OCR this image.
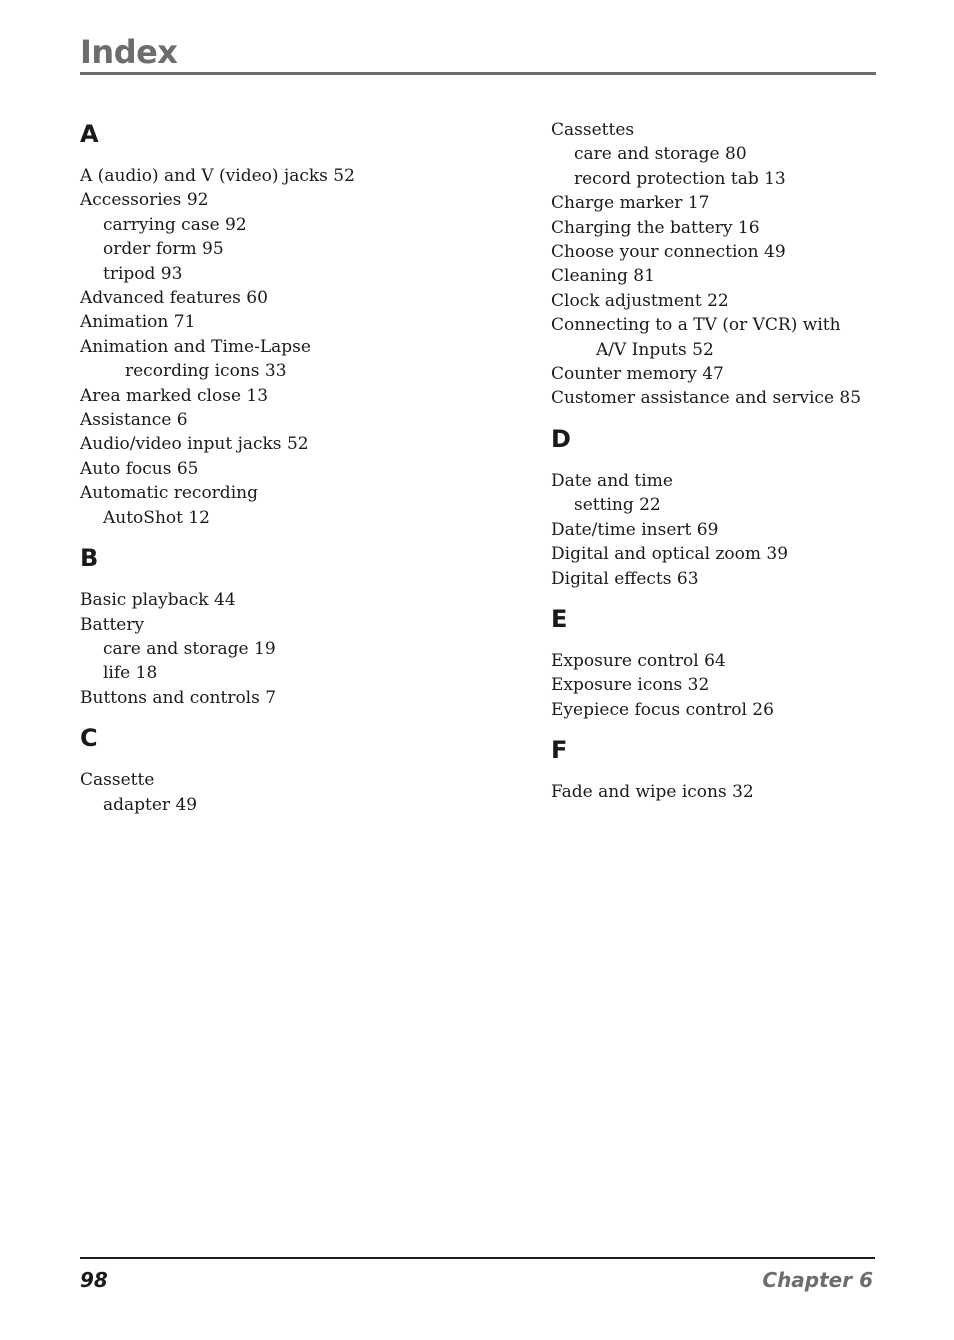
Index
A
A (audio) and V (video) jacks 52
Accessories 92
carrying case 92
order form 95
tripod 93
Advanced features 60
Animation 71
Animation and Time-Lapse
recording icons 33
Area marked close 13
Assistance 6
Audio/video input jacks 52
Auto focus 65
Automatic recording
AutoShot 12
B
Basic playback 44
Battery
care and storage 19
life 18
Buttons and controls 7
C
Cassette
adapter 49
Cassettes
care and storage 80
record protection tab 13
Charge marker 17
Charging the battery 16
Choose your connection 49
Cleaning 81
Clock adjustment 22
Connecting to a TV (or VCR) with
A/V Inputs 52
Counter memory 47
Customer assistance and service 85
D
Date and time
setting 22
Date/time insert 69
Digital and optical zoom 39
Digital effects 63
E
Exposure control 64
Exposure icons 32
Eyepiece focus control 26
F
Fade and wipe icons 32
98	Chapter 6
